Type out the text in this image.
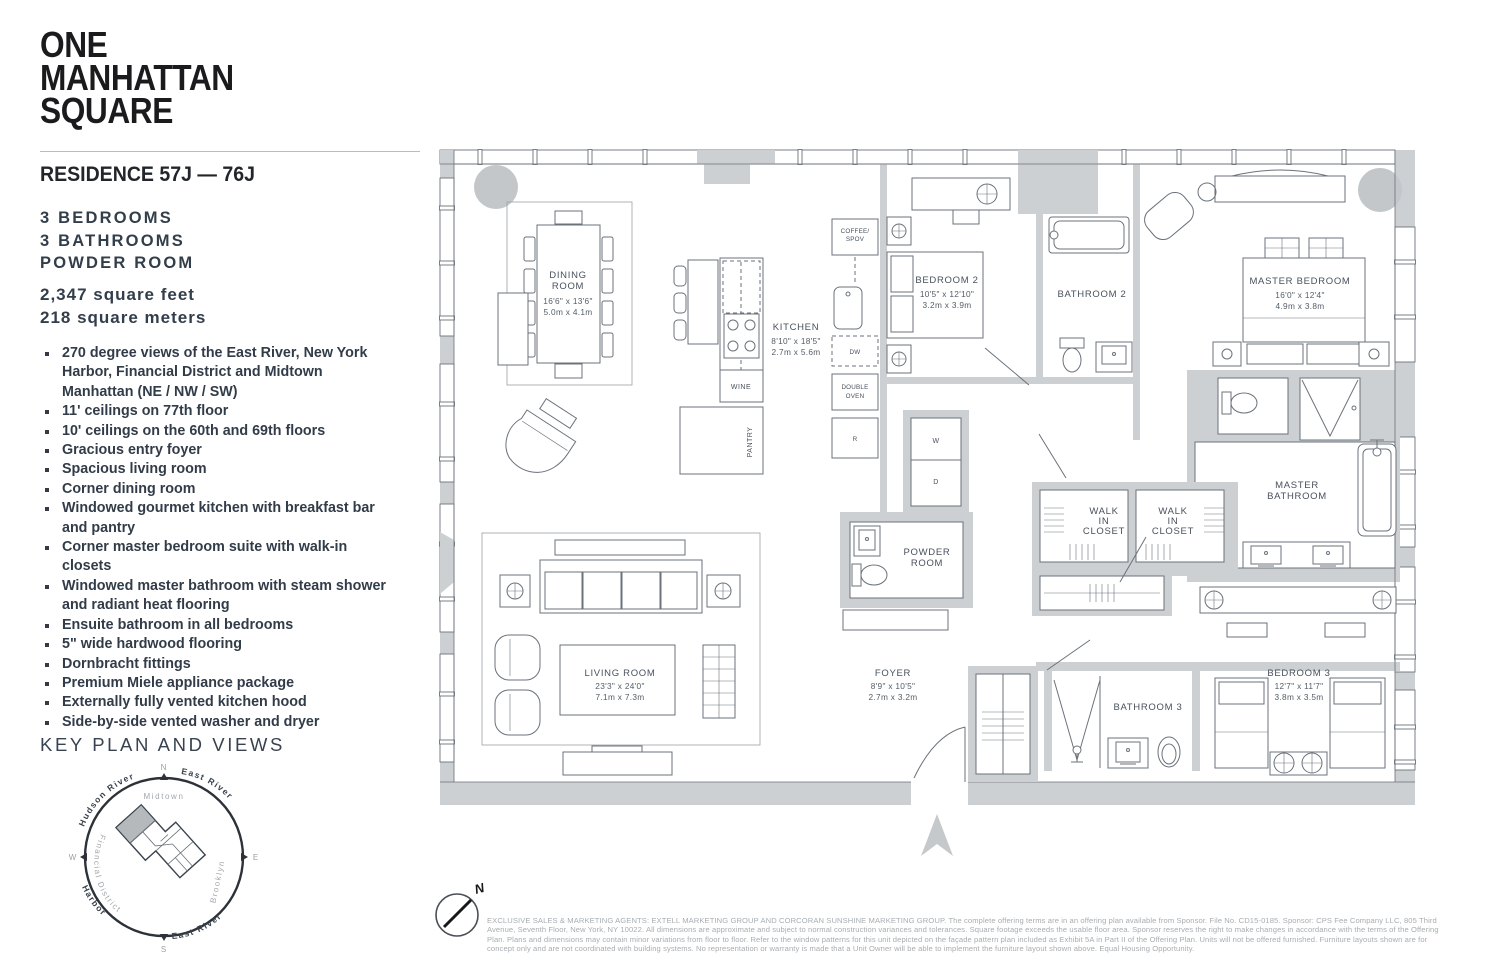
ONE
MANHATTAN
SQUARE
RESIDENCE 57J — 76J
3 BEDROOMS
3 BATHROOMS
POWDER ROOM
2,347 square feet
218 square meters
270 degree views of the East River, New York Harbor, Financial District and Midtown Manhattan (NE / NW / SW)
11' ceilings on 77th floor
10' ceilings on the 60th and 69th floors
Gracious entry foyer
Spacious living room
Corner dining room
Windowed gourmet kitchen with breakfast bar and pantry
Corner master bedroom suite with walk-in closets
Windowed master bathroom with steam shower and radiant heat flooring
Ensuite bathroom in all bedrooms
5" wide hardwood flooring
Dornbracht fittings
Premium Miele appliance package
Externally fully vented kitchen hood
Side-by-side vented washer and dryer
KEY PLAN AND VIEWS
N
S
W	E
Hudson River	East River
Harbor
East River
Midtown
Brooklyn
Financial District
DINING
ROOM
16'6" x 13'6"
5.0m x 4.1m
WINE
PANTRY
KITCHEN
8'10" x 18'5"
2.7m x 5.6m
COFFEE/
SPOV
DW
DOUBLE
OVEN
R	W
D
BEDROOM 2
10'5" x 12'10"
3.2m x 3.9m
BATHROOM 2
MASTER BEDROOM
16'0" x 12'4"
4.9m x 3.8m
MASTER
BATHROOM
WALK
IN
CLOSET
WALK
IN
CLOSET
POWDER
ROOM
FOYER
8'9" x 10'5"
2.7m x 3.2m
LIVING ROOM
23'3" x 24'0"
7.1m x 7.3m
BATHROOM 3
BEDROOM 3
12'7" x 11'7"
3.8m x 3.5m
N

EXCLUSIVE SALES & MARKETING AGENTS: EXTELL MARKETING GROUP AND CORCORAN SUNSHINE MARKETING GROUP. The complete offering terms are in an offering plan available from Sponsor. File No. CD15-0185. Sponsor: CPS Fee Company LLC, 805 Third Avenue, Seventh Floor, New York, NY 10022. All dimensions are approximate and subject to normal construction variances and tolerances. Square footage exceeds the usable floor area. Sponsor reserves the right to make changes in accordance with the terms of the Offering Plan. Plans and dimensions may contain minor variations from floor to floor. Refer to the window patterns for this unit depicted on the façade pattern plan included as Exhibit 5A in Part II of the Offering Plan. Units will not be offered furnished. Furniture layouts shown are for concept only and are not coordinated with building systems. No representation or warranty is made that a Unit Owner will be able to implement the furniture layout shown above. Equal Housing Opportunity.
